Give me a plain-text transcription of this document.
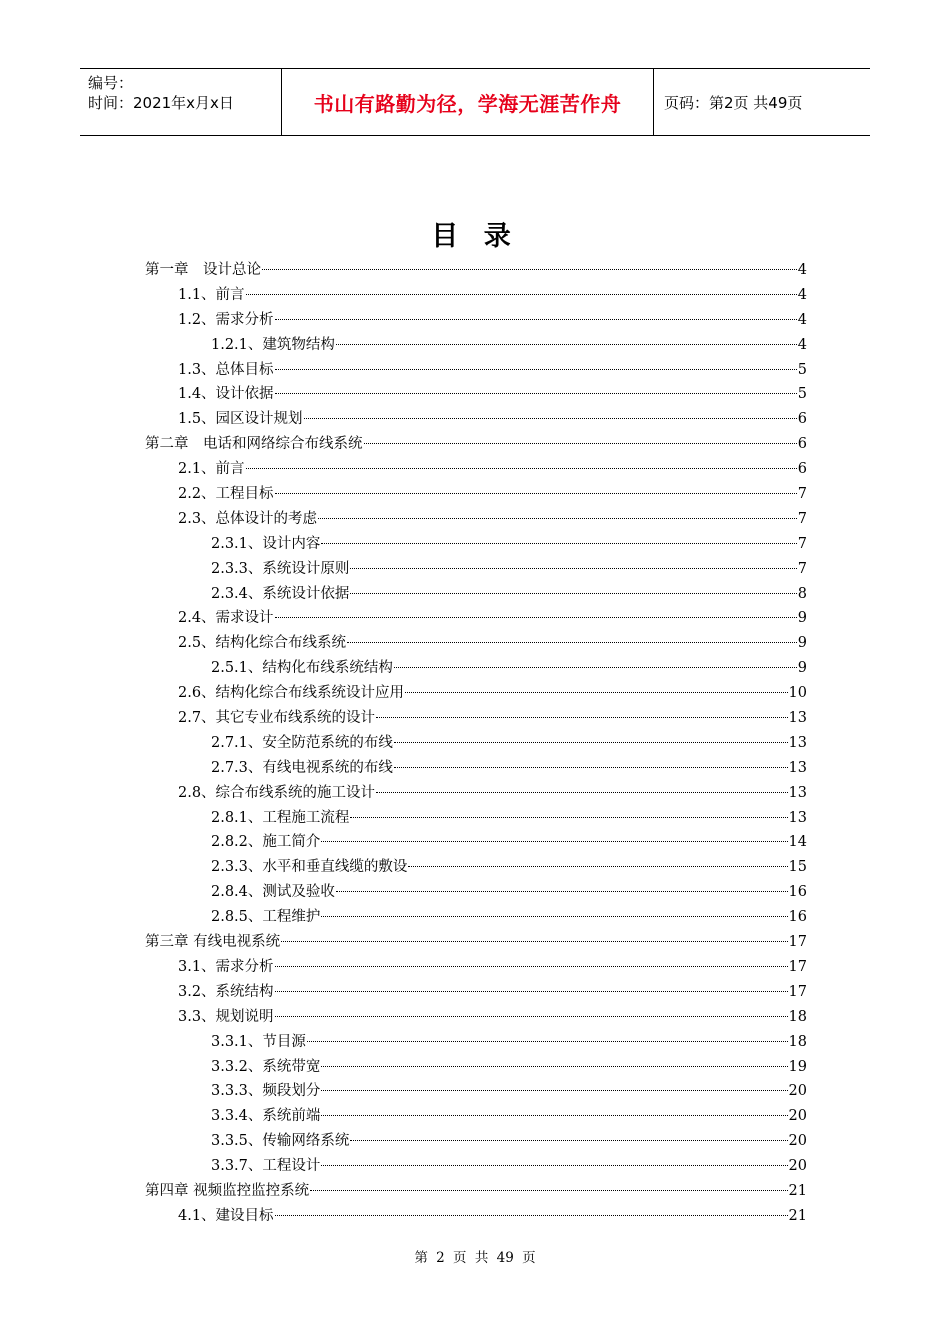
编号：
时间：2021年x月x日	书山有路勤为径，学海无涯苦作舟	页码：第2页 共49页
目 录
第一章　设计总论	4
1.1、前言	4
1.2、需求分析	4
1.2.1、建筑物结构	4
1.3、总体目标	5
1.4、设计依据	5
1.5、园区设计规划	6
第二章　电话和网络综合布线系统	6
2.1、前言	6
2.2、工程目标	7
2.3、总体设计的考虑	7
2.3.1、设计内容	7
2.3.3、系统设计原则	7
2.3.4、系统设计依据	8
2.4、需求设计	9
2.5、结构化综合布线系统	9
2.5.1、结构化布线系统结构	9
2.6、结构化综合布线系统设计应用	10
2.7、其它专业布线系统的设计	13
2.7.1、安全防范系统的布线	13
2.7.3、有线电视系统的布线	13
2.8、综合布线系统的施工设计	13
2.8.1、工程施工流程	13
2.8.2、施工简介	14
2.3.3、水平和垂直线缆的敷设	15
2.8.4、测试及验收	16
2.8.5、工程维护	16
第三章 有线电视系统	17
3.1、需求分析	17
3.2、系统结构	17
3.3、规划说明	18
3.3.1、节目源	18
3.3.2、系统带宽	19
3.3.3、频段划分	20
3.3.4、系统前端	20
3.3.5、传输网络系统	20
3.3.7、工程设计	20
第四章 视频监控监控系统	21
4.1、建设目标	21
第 2 页 共 49 页
